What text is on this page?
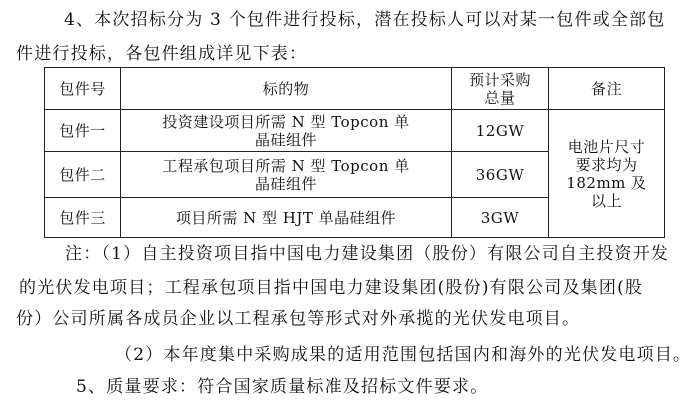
4、本次招标分为 3 个包件进行投标，潜在投标人可以对某一包件或全部包
件进行投标，各包件组成详见下表：
包件号	标的物	预计采购总量	备注
包件一	投资建设项目所需 N 型 Topcon 单晶硅组件	12GW	电池片尺寸要求均为 182mm 及以上
包件二	工程承包项目所需 N 型 Topcon 单晶硅组件	36GW	
包件三	项目所需 N 型 HJT 单晶硅组件	3GW	
注：（1）自主投资项目指中国电力建设集团（股份）有限公司自主投资开发
的光伏发电项目；工程承包项目指中国电力建设集团(股份)有限公司及集团(股
份）公司所属各成员企业以工程承包等形式对外承揽的光伏发电项目。
（2）本年度集中采购成果的适用范围包括国内和海外的光伏发电项目。
5、质量要求：符合国家质量标准及招标文件要求。
